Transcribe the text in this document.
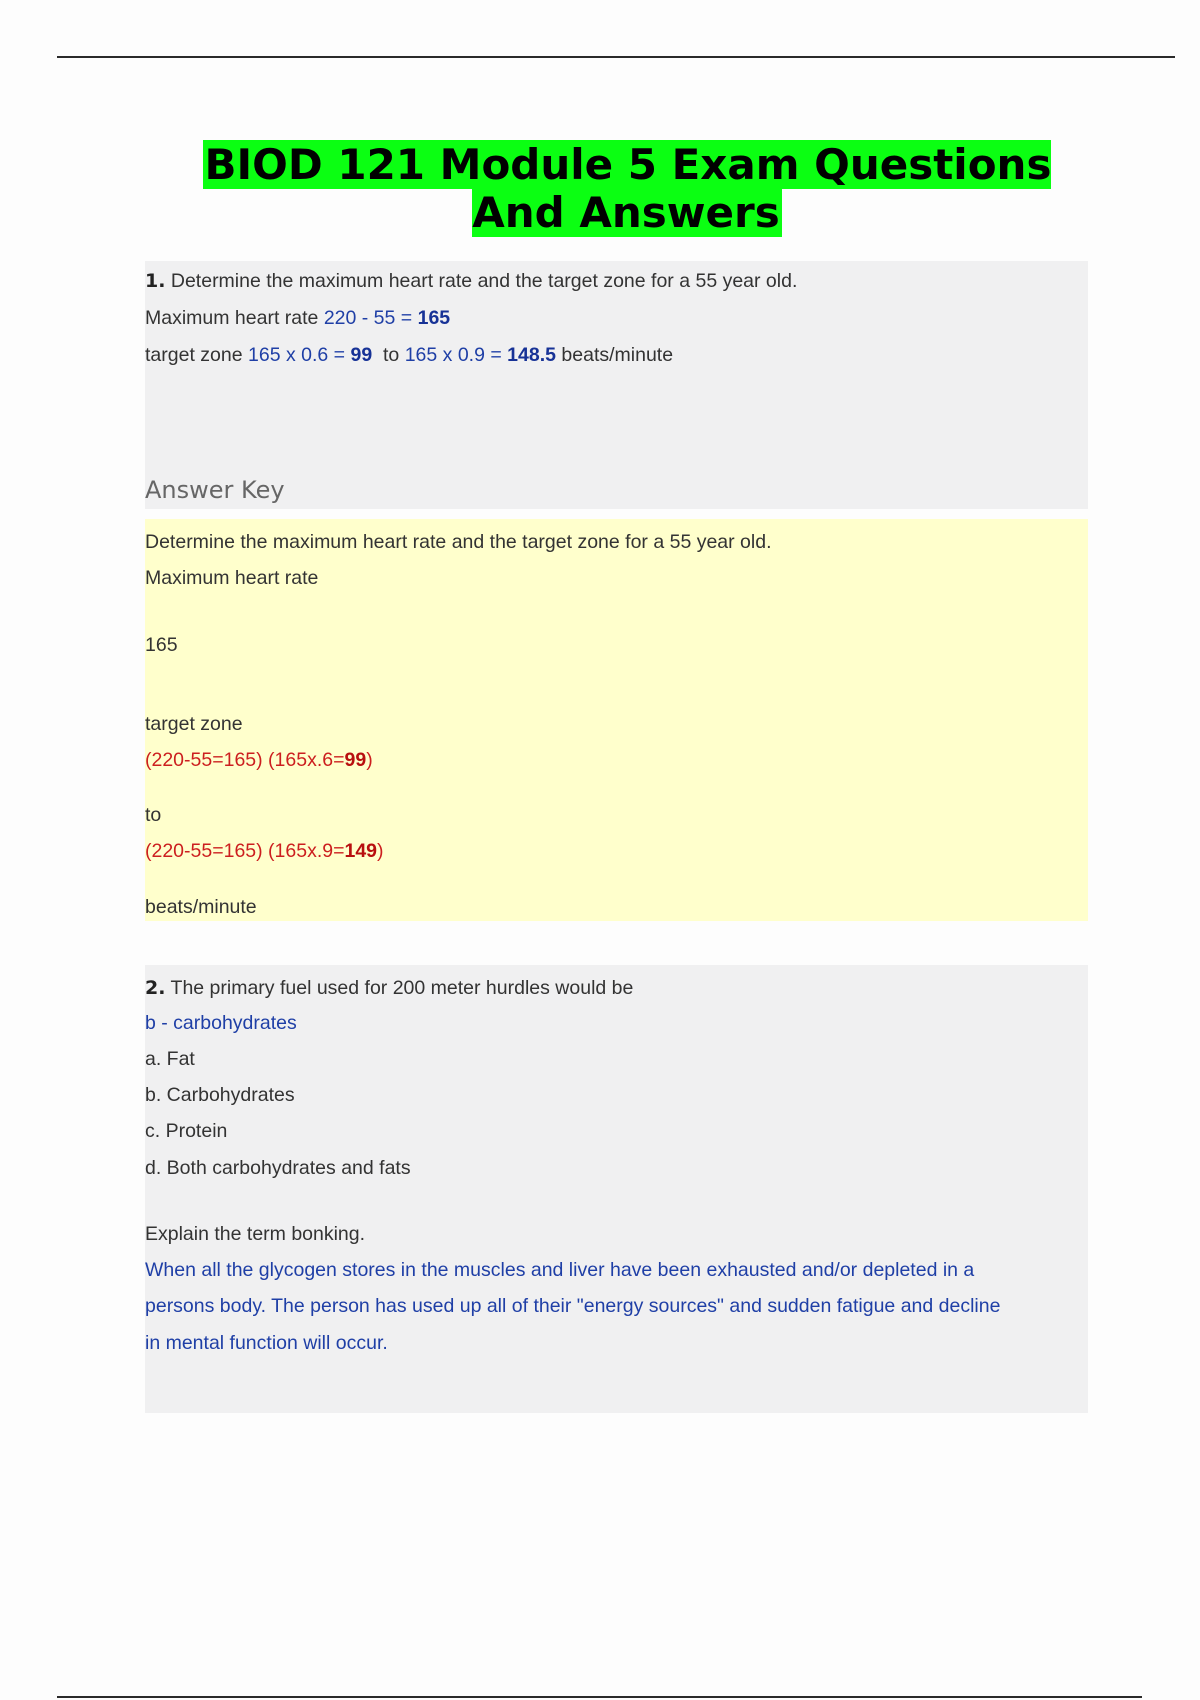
BIOD 121 Module 5 Exam Questions And Answers
1. Determine the maximum heart rate and the target zone for a 55 year old.
Maximum heart rate 220 - 55 = 165
target zone 165 x 0.6 = 99 to 165 x 0.9 = 148.5 beats/minute
Answer Key
Determine the maximum heart rate and the target zone for a 55 year old.
Maximum heart rate
165
target zone
(220-55=165) (165x.6=99)
to
(220-55=165) (165x.9=149)
beats/minute
2. The primary fuel used for 200 meter hurdles would be
b - carbohydrates
a. Fat
b. Carbohydrates
c. Protein
d. Both carbohydrates and fats
Explain the term bonking.
When all the glycogen stores in the muscles and liver have been exhausted and/or depleted in a
persons body. The person has used up all of their "energy sources" and sudden fatigue and decline
in mental function will occur.
